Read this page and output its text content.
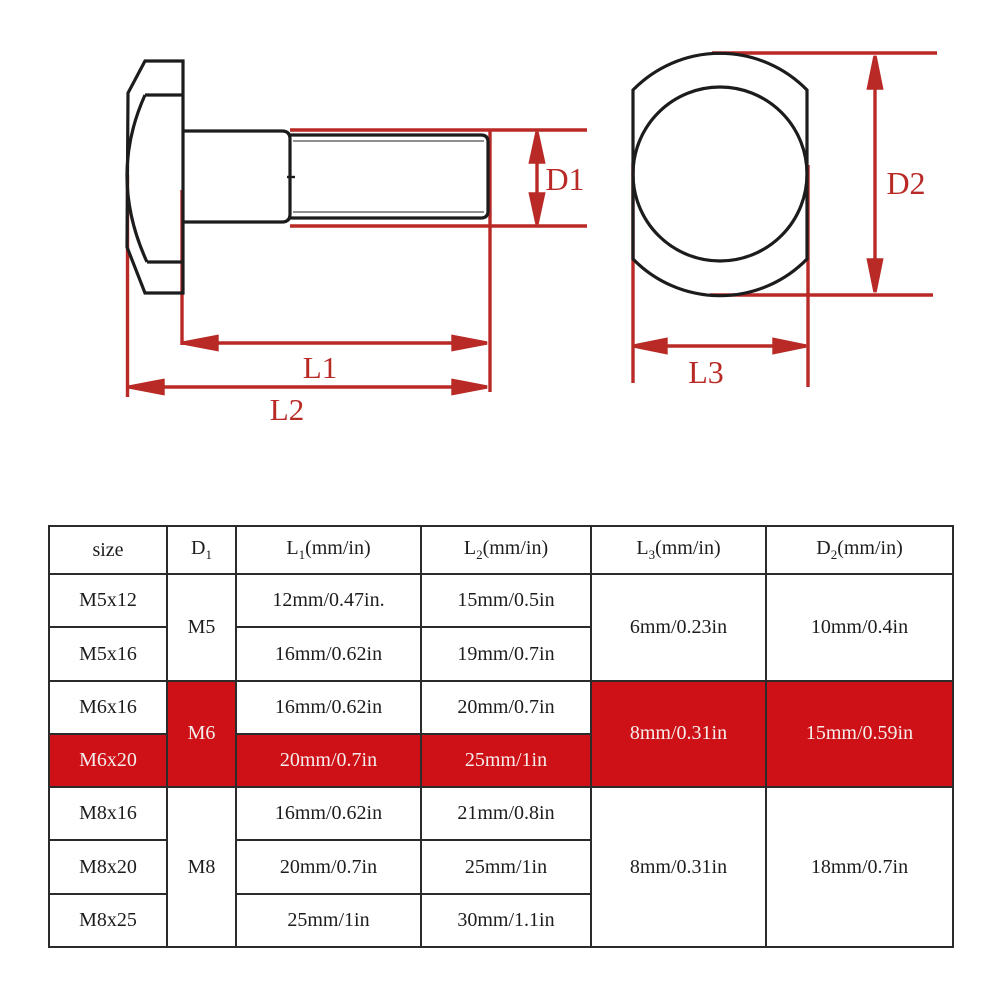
D1
L1
L2
D2
L3
size	$D_1$	$L_1(mm/in)$	$L_2(mm/in)$	$L_3(mm/in)$	$D_2(mm/in)$
M5x12	M5	12mm/0.47in.	15mm/0.5in	6mm/0.23in	10mm/0.4in
M5x16		16mm/0.62in	19mm/0.7in		
M6x16	M6	16mm/0.62in	20mm/0.7in	8mm/0.31in	15mm/0.59in
M6x20		20mm/0.7in	25mm/1in		
M8x16	M8	16mm/0.62in	21mm/0.8in	8mm/0.31in	18mm/0.7in
M8x20		20mm/0.7in	25mm/1in		
M8x25		25mm/1in	30mm/1.1in		
